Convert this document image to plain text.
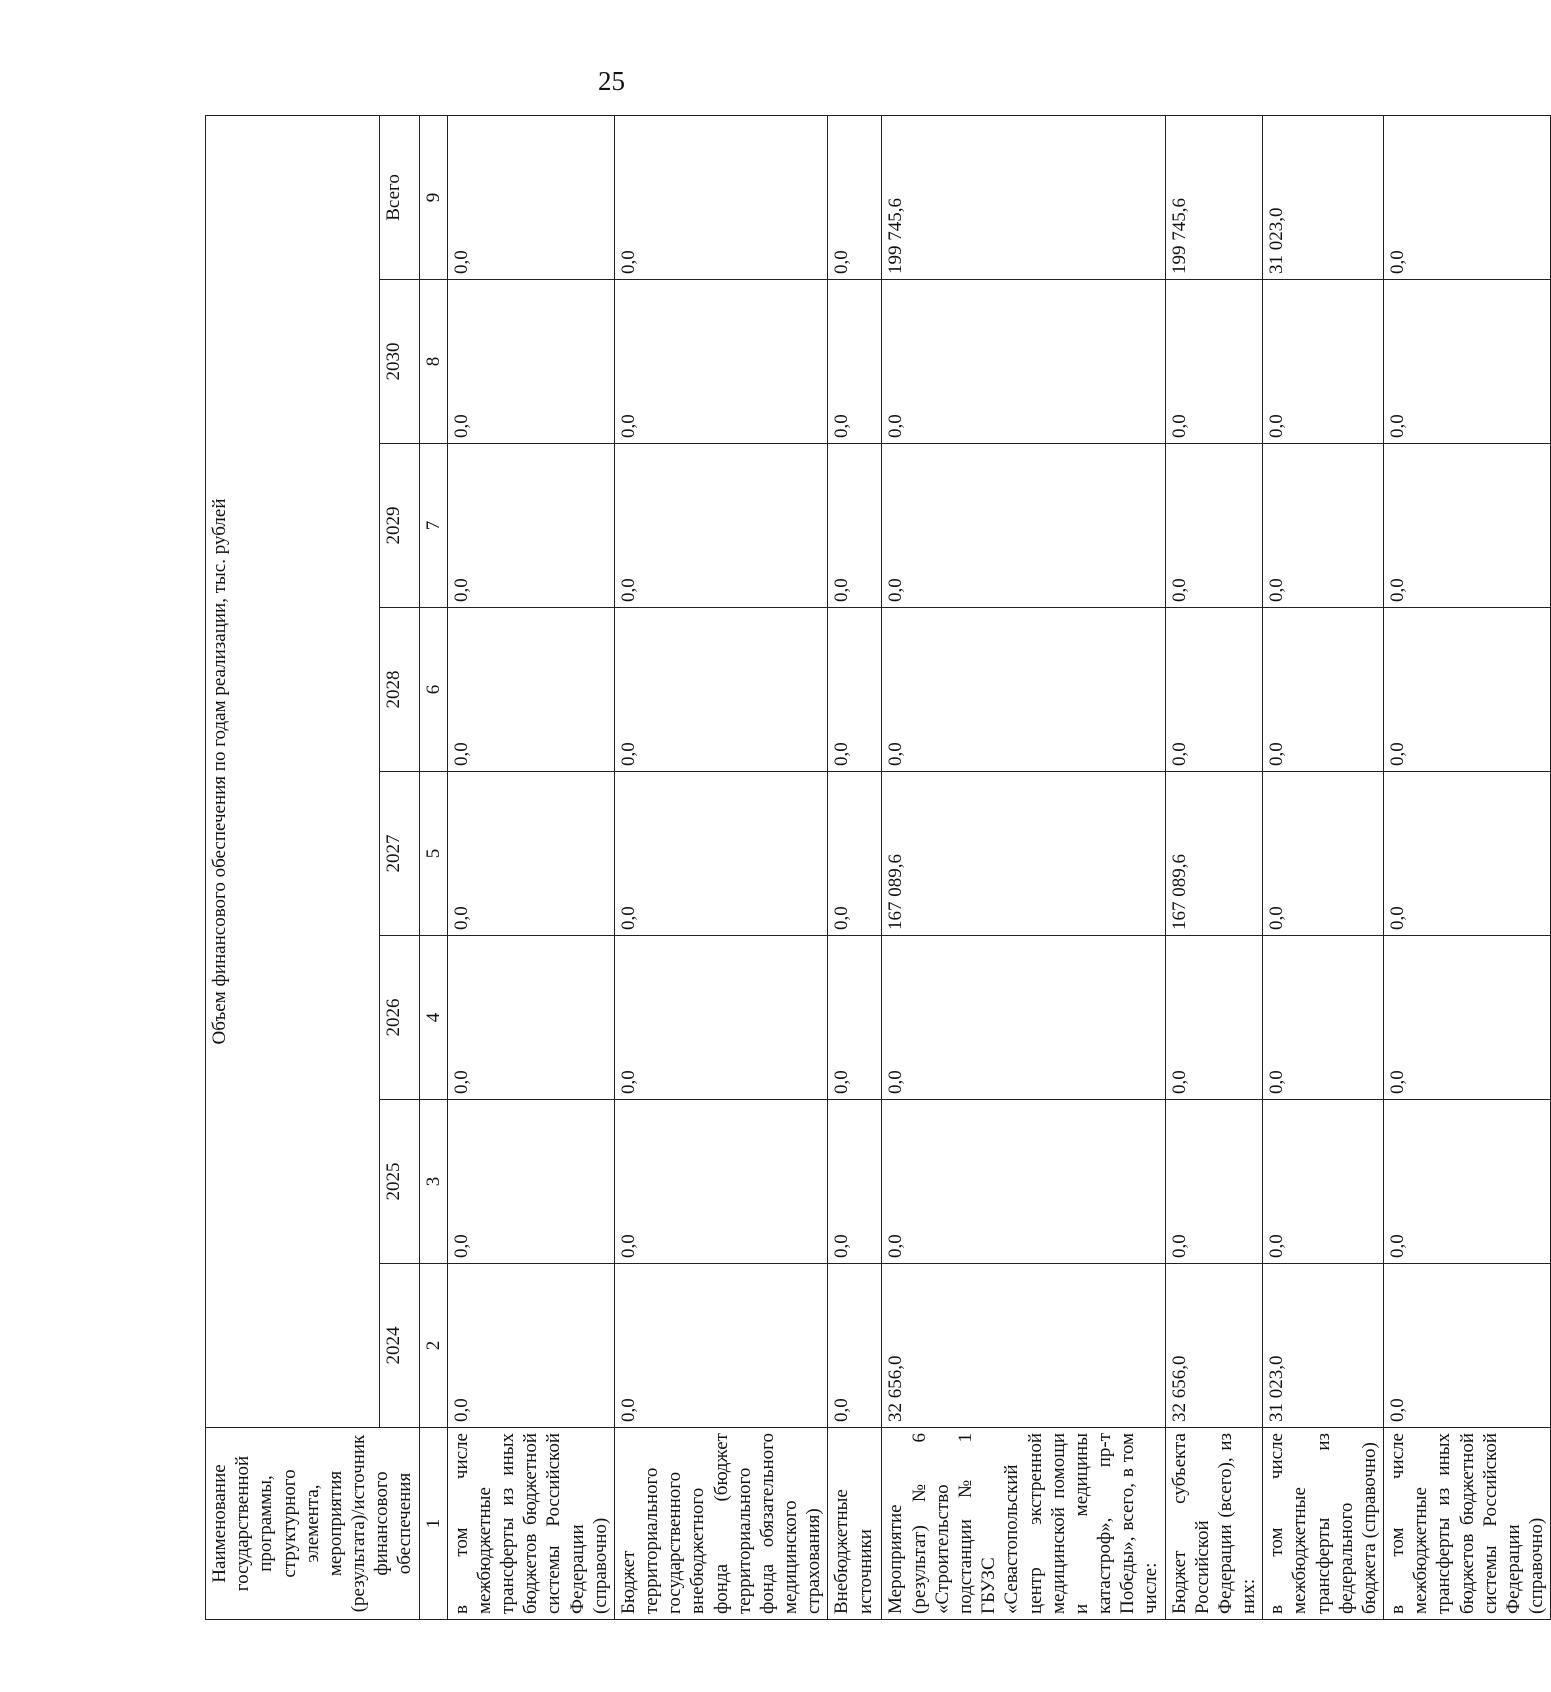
25
Наименование государственной программы, структурного элемента, мероприятия (результата)/источник финансового обеспечения	Объем финансового обеспечения по годам реализации, тыс. рублей							
	2024	2025	2026	2027	2028	2029	2030	Всего
1	2	3	4	5	6	7	8	9
в том числе межбюджетные трансферты из иных бюджетов бюджетной системы Российской Федерации (справочно)	0,0	0,0	0,0	0,0	0,0	0,0	0,0	0,0
Бюджет территориального государственного внебюджетного фонда (бюджет территориального фонда обязательного медицинского страхования)	0,0	0,0	0,0	0,0	0,0	0,0	0,0	0,0
Внебюджетные источники	0,0	0,0	0,0	0,0	0,0	0,0	0,0	0,0
Мероприятие (результат) № 6 «Строительство подстанции № 1 ГБУЗС «Севастопольский центр экстренной медицинской помощи и медицины катастроф», пр-т Победы», всего, в том числе:	32 656,0	0,0	0,0	167 089,6	0,0	0,0	0,0	199 745,6
Бюджет субъекта Российской Федерации (всего), из них:	32 656,0	0,0	0,0	167 089,6	0,0	0,0	0,0	199 745,6
в том числе межбюджетные трансферты из федерального бюджета (справочно)	31 023,0	0,0	0,0	0,0	0,0	0,0	0,0	31 023,0
в том числе межбюджетные трансферты из иных бюджетов бюджетной системы Российской Федерации (справочно)	0,0	0,0	0,0	0,0	0,0	0,0	0,0	0,0
